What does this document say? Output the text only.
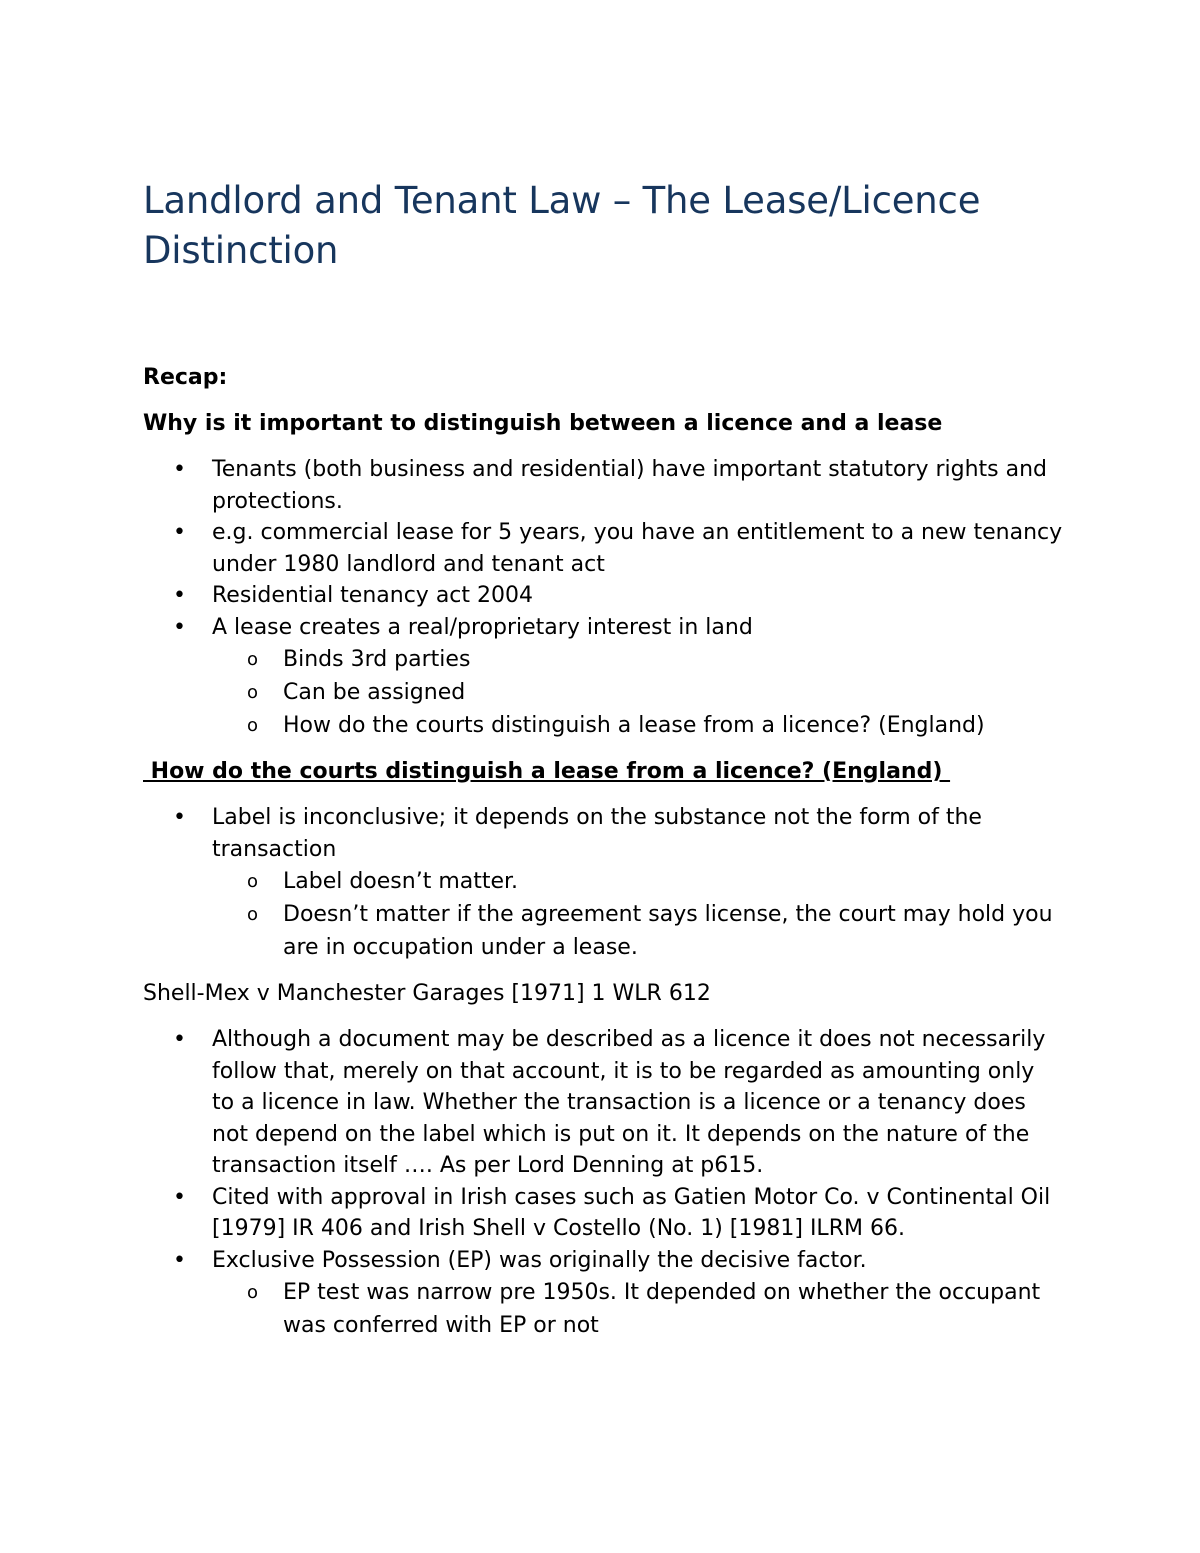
Landlord and Tenant Law – The Lease/Licence Distinction
Recap:
Why is it important to distinguish between a licence and a lease
• Tenants (both business and residential) have important statutory rights and protections.
• e.g. commercial lease for 5 years, you have an entitlement to a new tenancy under 1980 landlord and tenant act
• Residential tenancy act 2004
• A lease creates a real/proprietary interest in land
o	Binds 3rd parties
o	Can be assigned
o	How do the courts distinguish a lease from a licence? (England)
How do the courts distinguish a lease from a licence? (England)
• Label is inconclusive; it depends on the substance not the form of the transaction
o	Label doesn’t matter.
o	Doesn’t matter if the agreement says license, the court may hold you are in occupation under a lease.
Shell-Mex v Manchester Garages [1971] 1 WLR 612
• Although a document may be described as a licence it does not necessarily follow that, merely on that account, it is to be regarded as amounting only to a licence in law. Whether the transaction is a licence or a tenancy does not depend on the label which is put on it. It depends on the nature of the transaction itself …. As per Lord Denning at p615.
• Cited with approval in Irish cases such as Gatien Motor Co. v Continental Oil [1979] IR 406 and Irish Shell v Costello (No. 1) [1981] ILRM 66.
• Exclusive Possession (EP) was originally the decisive factor.
o	EP test was narrow pre 1950s. It depended on whether the occupant was conferred with EP or not
